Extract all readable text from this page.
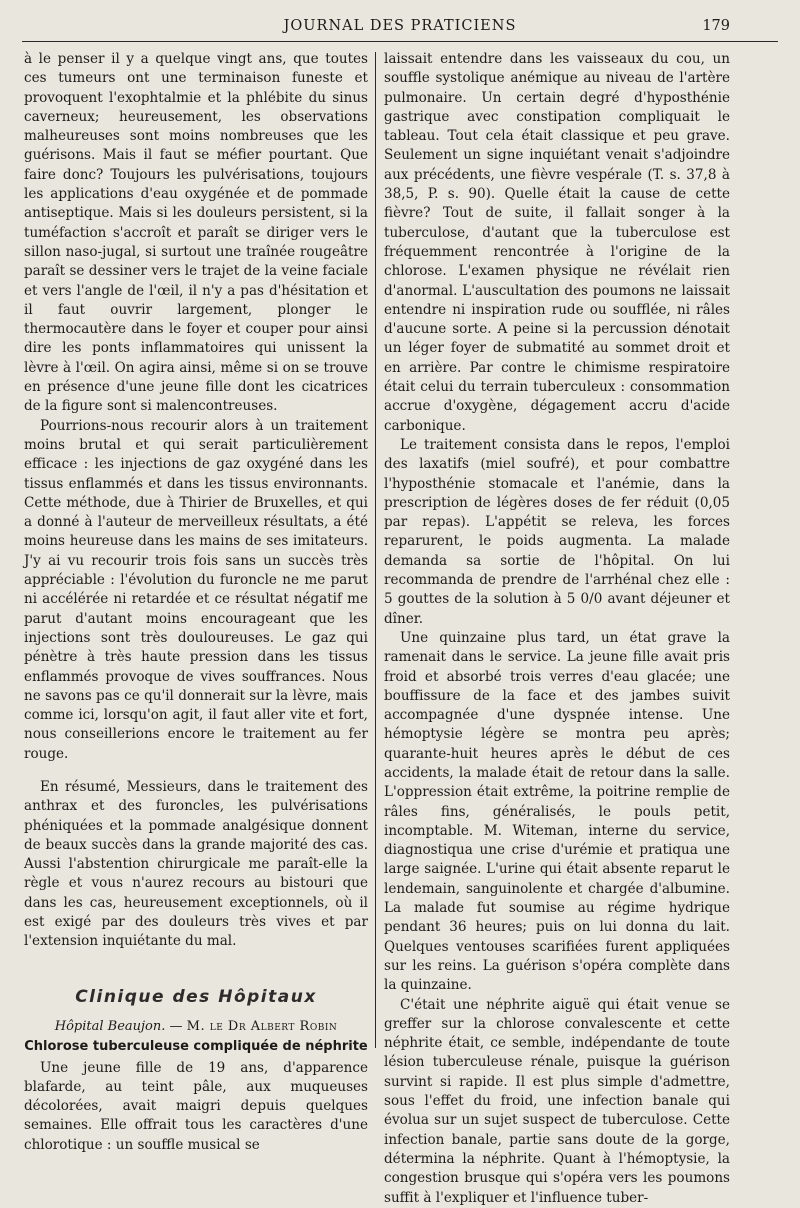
JOURNAL DES PRATICIENS	179

à le penser il y a quelque vingt ans, que toutes ces tumeurs ont une terminaison funeste et provoquent l'exophtalmie et la phlébite du sinus caverneux; heureusement, les observations malheureuses sont moins nombreuses que les guérisons. Mais il faut se méfier pourtant. Que faire donc? Toujours les pulvérisations, toujours les applications d'eau oxygénée et de pommade antiseptique. Mais si les douleurs persistent, si la tuméfaction s'accroît et paraît se diriger vers le sillon naso-jugal, si surtout une traînée rougeâtre paraît se dessiner vers le trajet de la veine faciale et vers l'angle de l'œil, il n'y a pas d'hésitation et il faut ouvrir largement, plonger le thermocautère dans le foyer et couper pour ainsi dire les ponts inflammatoires qui unissent la lèvre à l'œil. On agira ainsi, même si on se trouve en présence d'une jeune fille dont les cicatrices de la figure sont si malencontreuses.

Pourrions-nous recourir alors à un traitement moins brutal et qui serait particulièrement efficace : les injections de gaz oxygéné dans les tissus enflammés et dans les tissus environnants. Cette méthode, due à Thirier de Bruxelles, et qui a donné à l'auteur de merveilleux résultats, a été moins heureuse dans les mains de ses imitateurs. J'y ai vu recourir trois fois sans un succès très appréciable : l'évolution du furoncle ne me parut ni accélérée ni retardée et ce résultat négatif me parut d'autant moins encourageant que les injections sont très douloureuses. Le gaz qui pénètre à très haute pression dans les tissus enflammés provoque de vives souffrances. Nous ne savons pas ce qu'il donnerait sur la lèvre, mais comme ici, lorsqu'on agit, il faut aller vite et fort, nous conseillerions encore le traitement au fer rouge.

En résumé, Messieurs, dans le traitement des anthrax et des furoncles, les pulvérisations phéniquées et la pommade analgésique donnent de beaux succès dans la grande majorité des cas. Aussi l'abstention chirurgicale me paraît-elle la règle et vous n'aurez recours au bistouri que dans les cas, heureusement exceptionnels, où il est exigé par des douleurs très vives et par l'extension inquiétante du mal.

Clinique des Hôpitaux
Hôpital Beaujon. — M. le Dr Albert Robin
Chlorose tuberculeuse compliquée de néphrite

Une jeune fille de 19 ans, d'apparence blafarde, au teint pâle, aux muqueuses décolorées, avait maigri depuis quelques semaines. Elle offrait tous les caractères d'une chlorotique : un souffle musical se

laissait entendre dans les vaisseaux du cou, un souffle systolique anémique au niveau de l'artère pulmonaire. Un certain degré d'hyposthénie gastrique avec constipation compliquait le tableau. Tout cela était classique et peu grave. Seulement un signe inquiétant venait s'adjoindre aux précédents, une fièvre vespérale (T. s. 37,8 à 38,5, P. s. 90). Quelle était la cause de cette fièvre? Tout de suite, il fallait songer à la tuberculose, d'autant que la tuberculose est fréquemment rencontrée à l'origine de la chlorose. L'examen physique ne révélait rien d'anormal. L'auscultation des poumons ne laissait entendre ni inspiration rude ou soufflée, ni râles d'aucune sorte. A peine si la percussion dénotait un léger foyer de submatité au sommet droit et en arrière. Par contre le chimisme respiratoire était celui du terrain tuberculeux : consommation accrue d'oxygène, dégagement accru d'acide carbonique.

Le traitement consista dans le repos, l'emploi des laxatifs (miel soufré), et pour combattre l'hyposthénie stomacale et l'anémie, dans la prescription de légères doses de fer réduit (0,05 par repas). L'appétit se releva, les forces reparurent, le poids augmenta. La malade demanda sa sortie de l'hôpital. On lui recommanda de prendre de l'arrhénal chez elle : 5 gouttes de la solution à 5 0/0 avant déjeuner et dîner.

Une quinzaine plus tard, un état grave la ramenait dans le service. La jeune fille avait pris froid et absorbé trois verres d'eau glacée; une bouffissure de la face et des jambes suivit accompagnée d'une dyspnée intense. Une hémoptysie légère se montra peu après; quarante-huit heures après le début de ces accidents, la malade était de retour dans la salle. L'oppression était extrême, la poitrine remplie de râles fins, généralisés, le pouls petit, incomptable. M. Witeman, interne du service, diagnostiqua une crise d'urémie et pratiqua une large saignée. L'urine qui était absente reparut le lendemain, sanguinolente et chargée d'albumine. La malade fut soumise au régime hydrique pendant 36 heures; puis on lui donna du lait. Quelques ventouses scarifiées furent appliquées sur les reins. La guérison s'opéra complète dans la quinzaine.

C'était une néphrite aiguë qui était venue se greffer sur la chlorose convalescente et cette néphrite était, ce semble, indépendante de toute lésion tuberculeuse rénale, puisque la guérison survint si rapide. Il est plus simple d'admettre, sous l'effet du froid, une infection banale qui évolua sur un sujet suspect de tuberculose. Cette infection banale, partie sans doute de la gorge, détermina la néphrite. Quant à l'hémoptysie, la congestion brusque qui s'opéra vers les poumons suffit à l'expliquer et l'influence tuber-
